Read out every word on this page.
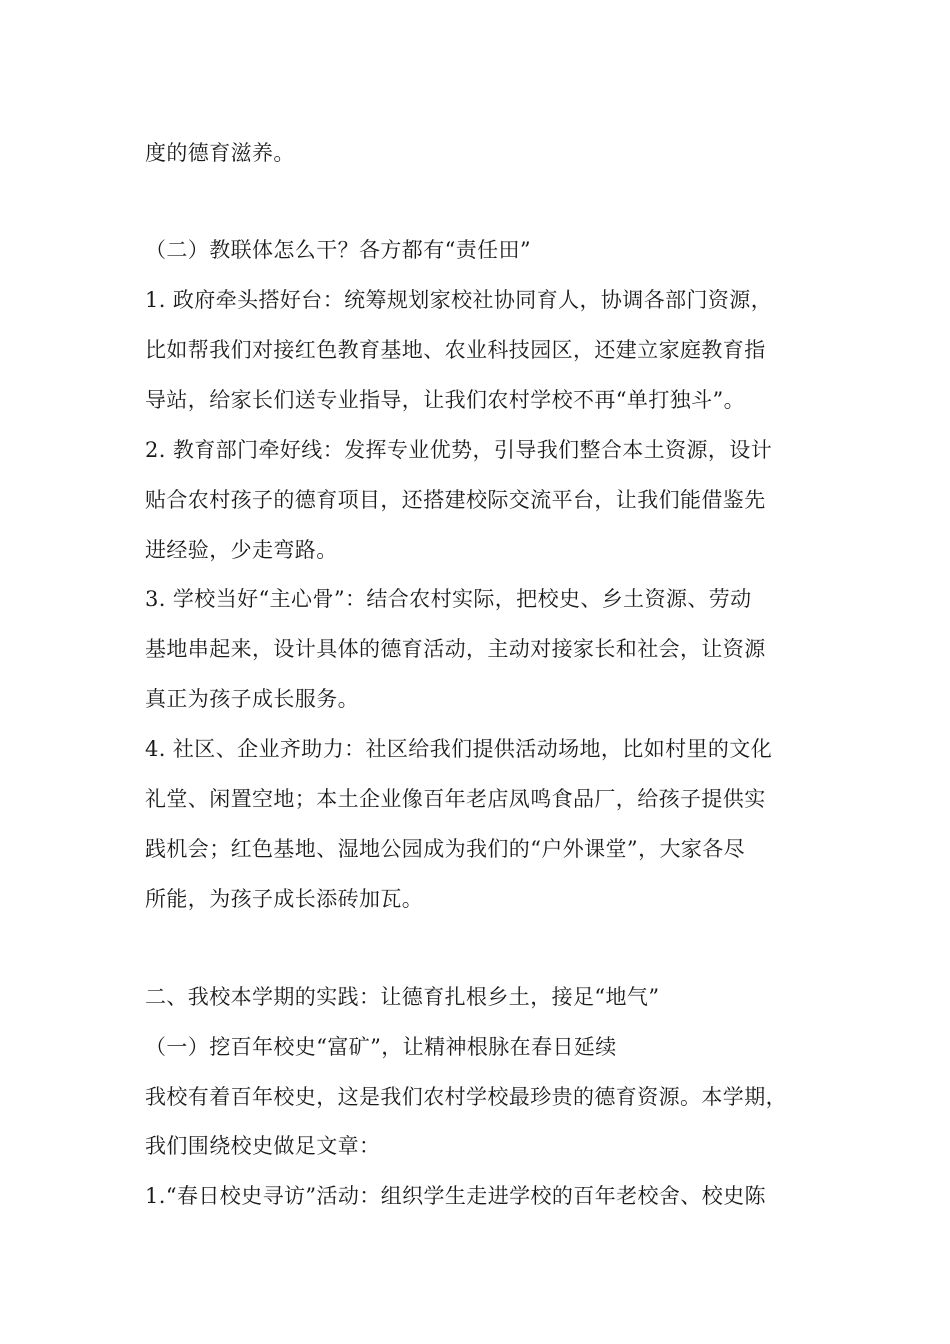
度的德育滋养。
（二）教联体怎么干？各方都有“责任田”
1. 政府牵头搭好台：统筹规划家校社协同育人，协调各部门资源，
比如帮我们对接红色教育基地、农业科技园区，还建立家庭教育指
导站，给家长们送专业指导，让我们农村学校不再“单打独斗”。
2. 教育部门牵好线：发挥专业优势，引导我们整合本土资源，设计
贴合农村孩子的德育项目，还搭建校际交流平台，让我们能借鉴先
进经验，少走弯路。
3. 学校当好“主心骨”：结合农村实际，把校史、乡土资源、劳动
基地串起来，设计具体的德育活动，主动对接家长和社会，让资源
真正为孩子成长服务。
4. 社区、企业齐助力：社区给我们提供活动场地，比如村里的文化
礼堂、闲置空地；本土企业像百年老店凤鸣食品厂，给孩子提供实
践机会；红色基地、湿地公园成为我们的“户外课堂”，大家各尽
所能，为孩子成长添砖加瓦。
二、我校本学期的实践：让德育扎根乡土，接足“地气”
（一）挖百年校史“富矿”，让精神根脉在春日延续
我校有着百年校史，这是我们农村学校最珍贵的德育资源。本学期，
我们围绕校史做足文章：
1.“春日校史寻访”活动：组织学生走进学校的百年老校舍、校史陈
